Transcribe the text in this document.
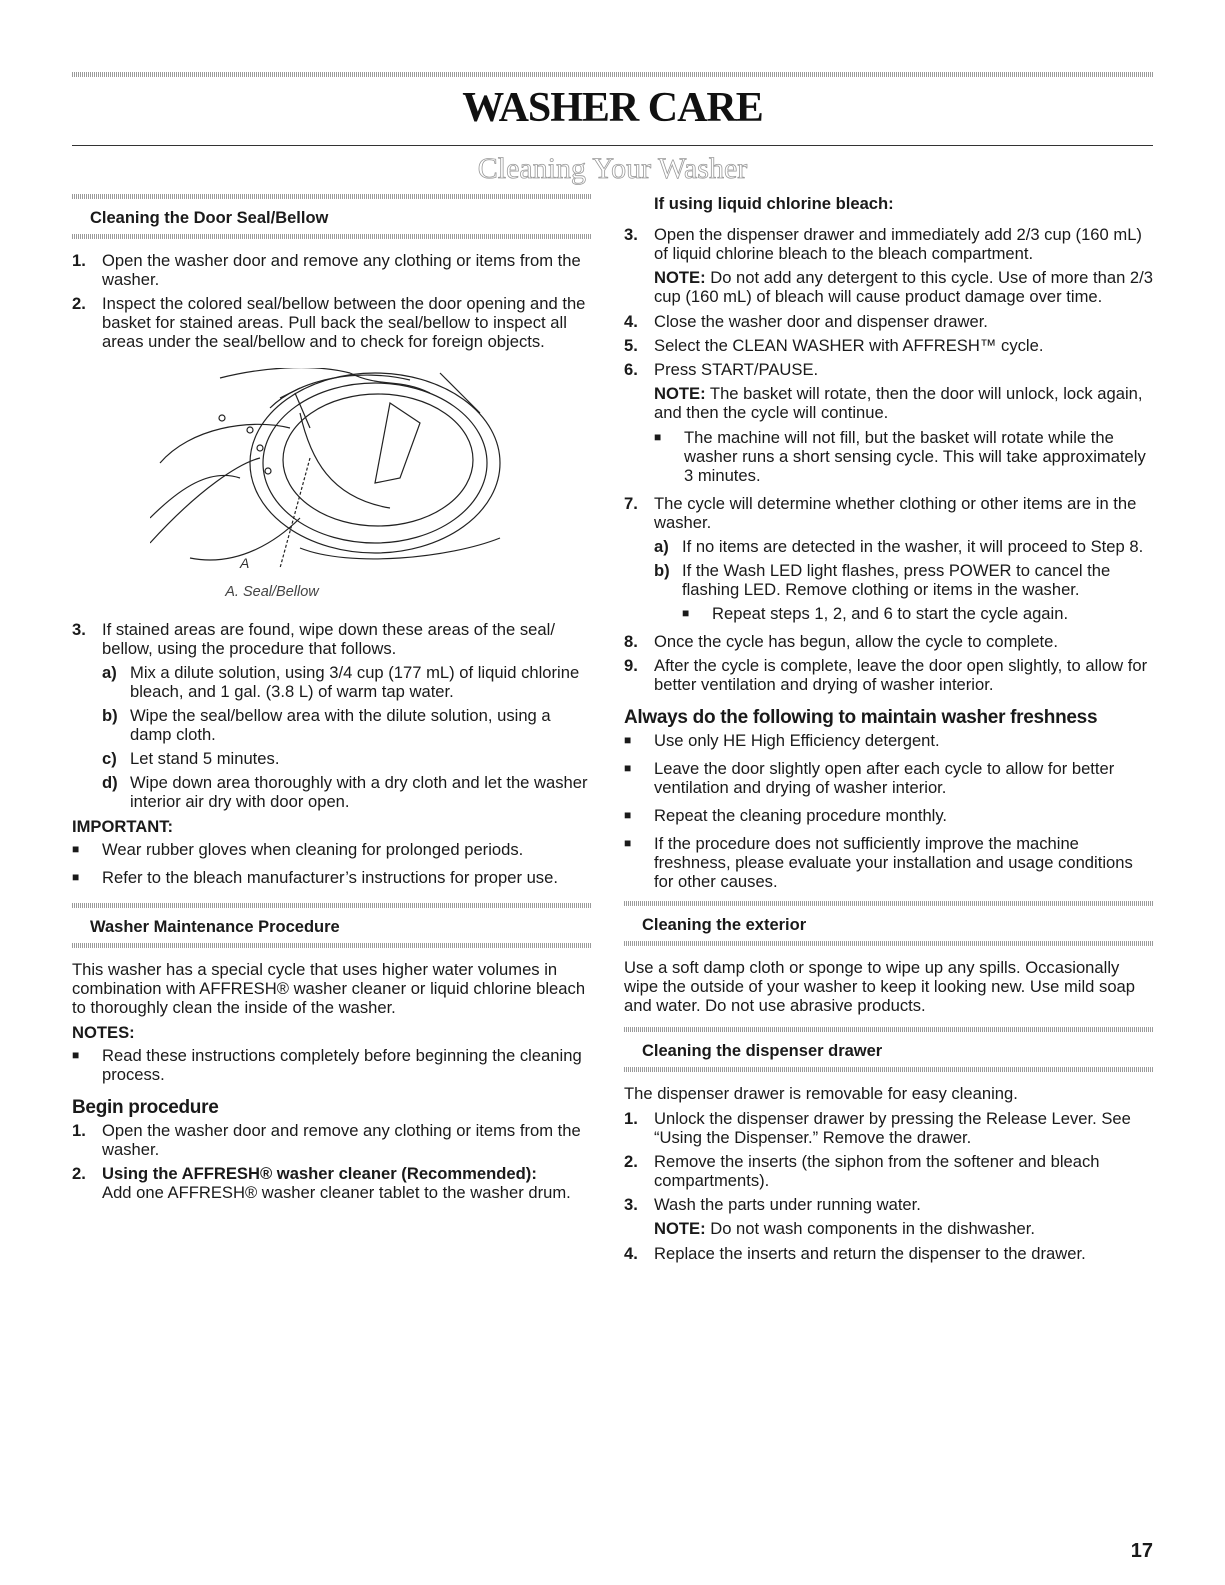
WASHER CARE
Cleaning Your Washer
Cleaning the Door Seal/Bellow
1. Open the washer door and remove any clothing or items from the washer.
2. Inspect the colored seal/bellow between the door opening and the basket for stained areas. Pull back the seal/bellow to inspect all areas under the seal/bellow and to check for foreign objects.
A
A. Seal/Bellow
3. If stained areas are found, wipe down these areas of the seal/ bellow, using the procedure that follows.
a) Mix a dilute solution, using 3/4 cup (177 mL) of liquid chlorine bleach, and 1 gal. (3.8 L) of warm tap water.
b) Wipe the seal/bellow area with the dilute solution, using a damp cloth.
c) Let stand 5 minutes.
d) Wipe down area thoroughly with a dry cloth and let the washer interior air dry with door open.
IMPORTANT:
■	Wear rubber gloves when cleaning for prolonged periods.
■	Refer to the bleach manufacturer’s instructions for proper use.
Washer Maintenance Procedure

This washer has a special cycle that uses higher water volumes in combination with AFFRESH® washer cleaner or liquid chlorine bleach to thoroughly clean the inside of the washer.

NOTES:
■	Read these instructions completely before beginning the cleaning process.
Begin procedure
1. Open the washer door and remove any clothing or items from the washer.
2. Using the AFFRESH® washer cleaner (Recommended):
Add one AFFRESH® washer cleaner tablet to the washer drum.
If using liquid chlorine bleach:
3. Open the dispenser drawer and immediately add 2/3 cup (160 mL) of liquid chlorine bleach to the bleach compartment.
NOTE: Do not add any detergent to this cycle. Use of more than 2/3 cup (160 mL) of bleach will cause product damage over time.
4. Close the washer door and dispenser drawer.
5. Select the CLEAN WASHER with AFFRESH™ cycle.
6. Press START/PAUSE.
NOTE: The basket will rotate, then the door will unlock, lock again, and then the cycle will continue.
■	The machine will not fill, but the basket will rotate while the washer runs a short sensing cycle. This will take approximately 3 minutes.
7. The cycle will determine whether clothing or other items are in the washer.
a) If no items are detected in the washer, it will proceed to Step 8.
b) If the Wash LED light flashes, press POWER to cancel the flashing LED. Remove clothing or items in the washer.
■	Repeat steps 1, 2, and 6 to start the cycle again.
8. Once the cycle has begun, allow the cycle to complete.
9. After the cycle is complete, leave the door open slightly, to allow for better ventilation and drying of washer interior.
Always do the following to maintain washer freshness
■	Use only HE High Efficiency detergent.
■	Leave the door slightly open after each cycle to allow for better ventilation and drying of washer interior.
■	Repeat the cleaning procedure monthly.
■	If the procedure does not sufficiently improve the machine freshness, please evaluate your installation and usage conditions for other causes.
Cleaning the exterior

Use a soft damp cloth or sponge to wipe up any spills. Occasionally wipe the outside of your washer to keep it looking new. Use mild soap and water. Do not use abrasive products.

Cleaning the dispenser drawer

The dispenser drawer is removable for easy cleaning.

1. Unlock the dispenser drawer by pressing the Release Lever. See “Using the Dispenser.” Remove the drawer.
2. Remove the inserts (the siphon from the softener and bleach compartments).
3. Wash the parts under running water.
NOTE: Do not wash components in the dishwasher.
4. Replace the inserts and return the dispenser to the drawer.
17
